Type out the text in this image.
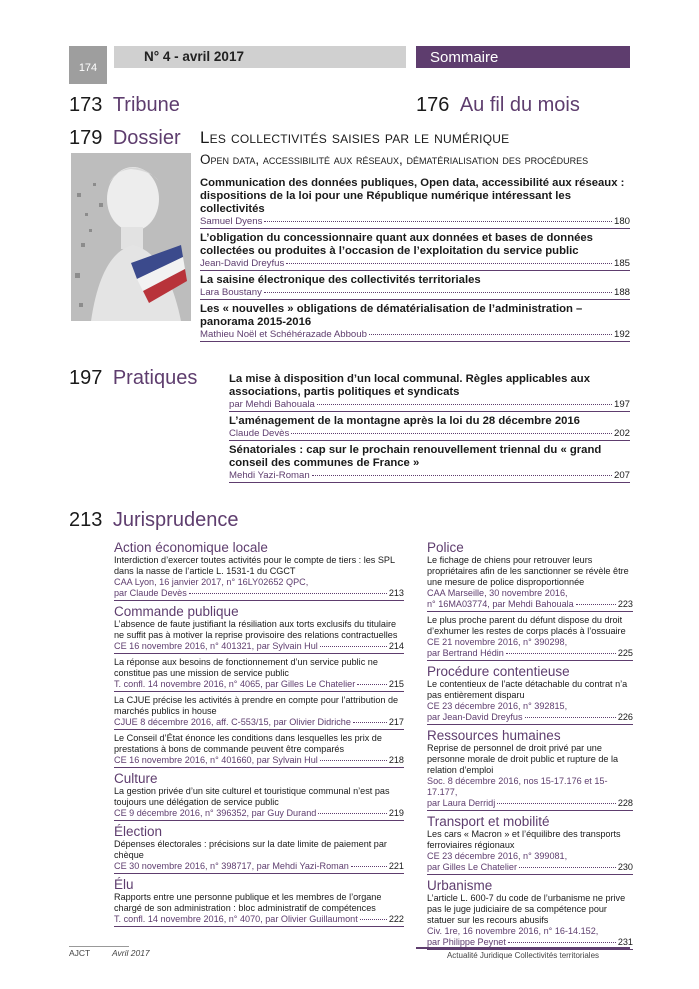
174
N° 4 - avril 2017	Sommaire
173 Tribune	176 Au fil du mois
179 Dossier Les collectivités saisies par le numérique
Open data, accessibilité aux réseaux, dématérialisation des procédures
Communication des données publiques, Open data, accessibilité aux réseaux : dispositions de la loi pour une République numérique intéressant les collectivités
Samuel Dyens	180
L’obligation du concessionnaire quant aux données et bases de données collectées ou produites à l’occasion de l’exploitation du service public
Jean-David Dreyfus	185
La saisine électronique des collectivités territoriales
Lara Boustany	188
Les « nouvelles » obligations de dématérialisation de l’administration – panorama 2015-2016
Mathieu Noël et Schéhérazade Abboub	192
197 Pratiques	La mise à disposition d’un local communal. Règles applicables aux associations, partis politiques et syndicats
par Mehdi Bahouala	197
L’aménagement de la montagne après la loi du 28 décembre 2016
Claude Devès	202
Sénatoriales : cap sur le prochain renouvellement triennal du « grand conseil des communes de France »
Mehdi Yazi-Roman	207
213 Jurisprudence
Action économique locale
Interdiction d’exercer toutes activités pour le compte de tiers : les SPL dans la nasse de l’article L. 1531-1 du CGCT
CAA Lyon, 16 janvier 2017, n° 16LY02652 QPC,
par Claude Devès	213
Commande publique
L’absence de faute justifiant la résiliation aux torts exclusifs du titulaire ne suffit pas à motiver la reprise provisoire des relations contractuelles
CE 16 novembre 2016, n° 401321, par Sylvain Hul	214
La réponse aux besoins de fonctionnement d’un service public ne constitue pas une mission de service public
T. confl. 14 novembre 2016, n° 4065, par Gilles Le Chatelier	215
La CJUE précise les activités à prendre en compte pour l’attribution de marchés publics in house
CJUE 8 décembre 2016, aff. C-553/15, par Olivier Didriche	217
Le Conseil d’État énonce les conditions dans lesquelles les prix de prestations à bons de commande peuvent être comparés
CE 16 novembre 2016, n° 401660, par Sylvain Hul	218
Culture
La gestion privée d’un site culturel et touristique communal n’est pas toujours une délégation de service public
CE 9 décembre 2016, n° 396352, par Guy Durand	219
Élection
Dépenses électorales : précisions sur la date limite de paiement par chèque
CE 30 novembre 2016, n° 398717, par Mehdi Yazi-Roman	221
Élu
Rapports entre une personne publique et les membres de l’organe chargé de son administration : bloc administratif de compétences
T. confl. 14 novembre 2016, n° 4070, par Olivier Guillaumont	222
Police
Le fichage de chiens pour retrouver leurs propriétaires afin de les sanctionner se révèle être une mesure de police disproportionnée
CAA Marseille, 30 novembre 2016,
n° 16MA03774, par Mehdi Bahouala	223
Le plus proche parent du défunt dispose du droit d’exhumer les restes de corps placés à l’ossuaire
CE 21 novembre 2016, n° 390298,
par Bertrand Hédin	225
Procédure contentieuse
Le contentieux de l’acte détachable du contrat n’a pas entièrement disparu
CE 23 décembre 2016, n° 392815,
par Jean-David Dreyfus	226
Ressources humaines
Reprise de personnel de droit privé par une personne morale de droit public et rupture de la relation d’emploi
Soc. 8 décembre 2016, nos 15-17.176 et 15-17.177,
par Laura Derridj	228
Transport et mobilité
Les cars « Macron » et l’équilibre des transports ferroviaires régionaux
CE 23 décembre 2016, n° 399081,
par Gilles Le Chatelier	230
Urbanisme
L’article L. 600-7 du code de l’urbanisme ne prive pas le juge judiciaire de sa compétence pour statuer sur les recours abusifs
Civ. 1re, 16 novembre 2016, n° 16-14.152,
par Philippe Peynet	231
AJCT	Avril 2017	Actualité Juridique Collectivités territoriales
